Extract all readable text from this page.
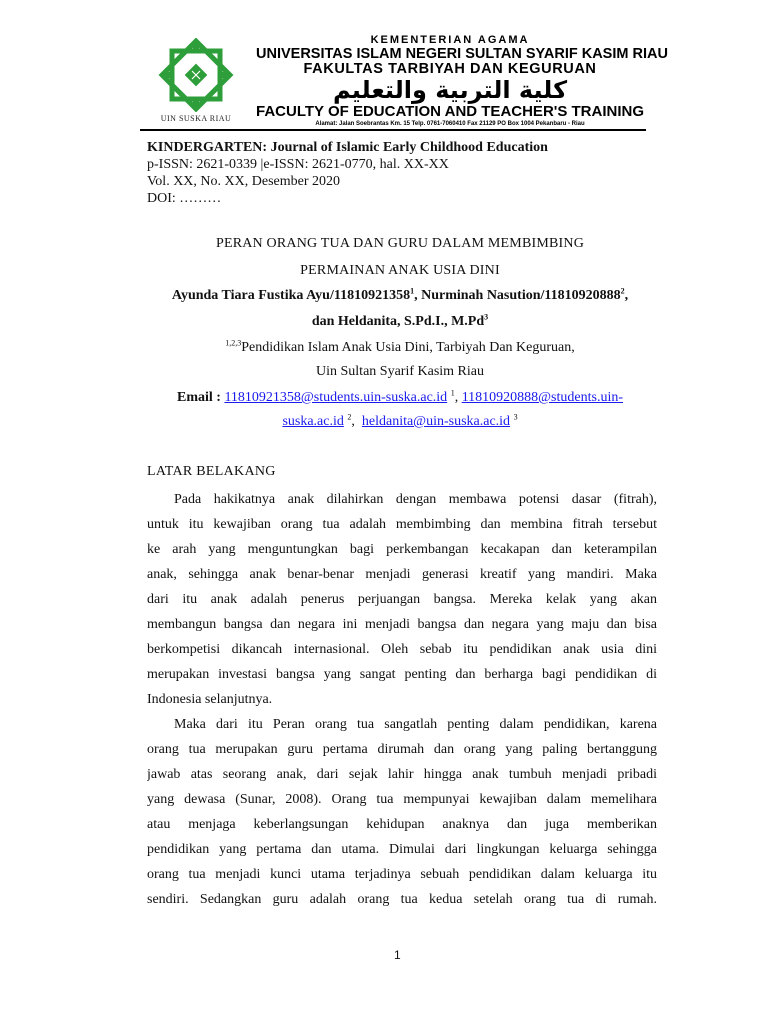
UIN SUSKA RIAU
KEMENTERIAN AGAMA
UNIVERSITAS ISLAM NEGERI SULTAN SYARIF KASIM RIAU
FAKULTAS TARBIYAH DAN KEGURUAN
كلية التربية والتعليم
FACULTY OF EDUCATION AND TEACHER'S TRAINING
Alamat: Jalan Soebrantas Km. 15 Telp. 0761-7060410 Fax 21129 PO Box 1004 Pekanbaru - Riau
KINDERGARTEN: Journal of Islamic Early Childhood Education
p-ISSN: 2621-0339 |e-ISSN: 2621-0770, hal. XX-XX
Vol. XX, No. XX, Desember 2020
DOI: ………
PERAN ORANG TUA DAN GURU DALAM MEMBIMBING
PERMAINAN ANAK USIA DINI
Ayunda Tiara Fustika Ayu/11810921358$^1$, Nurminah Nasution/11810920888$^2$,
dan Heldanita, S.Pd.I., M.Pd$^3$
$^{1,2,3}$Pendidikan Islam Anak Usia Dini, Tarbiyah Dan Keguruan,
Uin Sultan Syarif Kasim Riau
Email : 11810921358@students.uin-suska.ac.id $^1$, 11810920888@students.uin-
suska.ac.id $^2$,  heldanita@uin-suska.ac.id $^3$
LATAR BELAKANG
Pada hakikatnya anak dilahirkan dengan membawa potensi dasar (fitrah),
untuk itu kewajiban orang tua adalah membimbing dan membina fitrah tersebut
ke arah yang menguntungkan bagi perkembangan kecakapan dan keterampilan
anak, sehingga anak benar-benar menjadi generasi kreatif yang mandiri. Maka
dari itu anak adalah penerus perjuangan bangsa. Mereka kelak yang akan
membangun bangsa dan negara ini menjadi bangsa dan negara yang maju dan bisa
berkompetisi dikancah internasional. Oleh sebab itu pendidikan anak usia dini
merupakan investasi bangsa yang sangat penting dan berharga bagi pendidikan di
Indonesia selanjutnya.
Maka dari itu Peran orang tua sangatlah penting dalam pendidikan, karena
orang tua merupakan guru pertama dirumah dan orang yang paling bertanggung
jawab atas seorang anak, dari sejak lahir hingga anak tumbuh menjadi pribadi
yang dewasa (Sunar, 2008). Orang tua mempunyai kewajiban dalam memelihara
atau menjaga keberlangsungan kehidupan anaknya dan juga memberikan
pendidikan yang pertama dan utama. Dimulai dari lingkungan keluarga sehingga
orang tua menjadi kunci utama terjadinya sebuah pendidikan dalam keluarga itu
sendiri. Sedangkan guru adalah orang tua kedua setelah orang tua di rumah.
1
